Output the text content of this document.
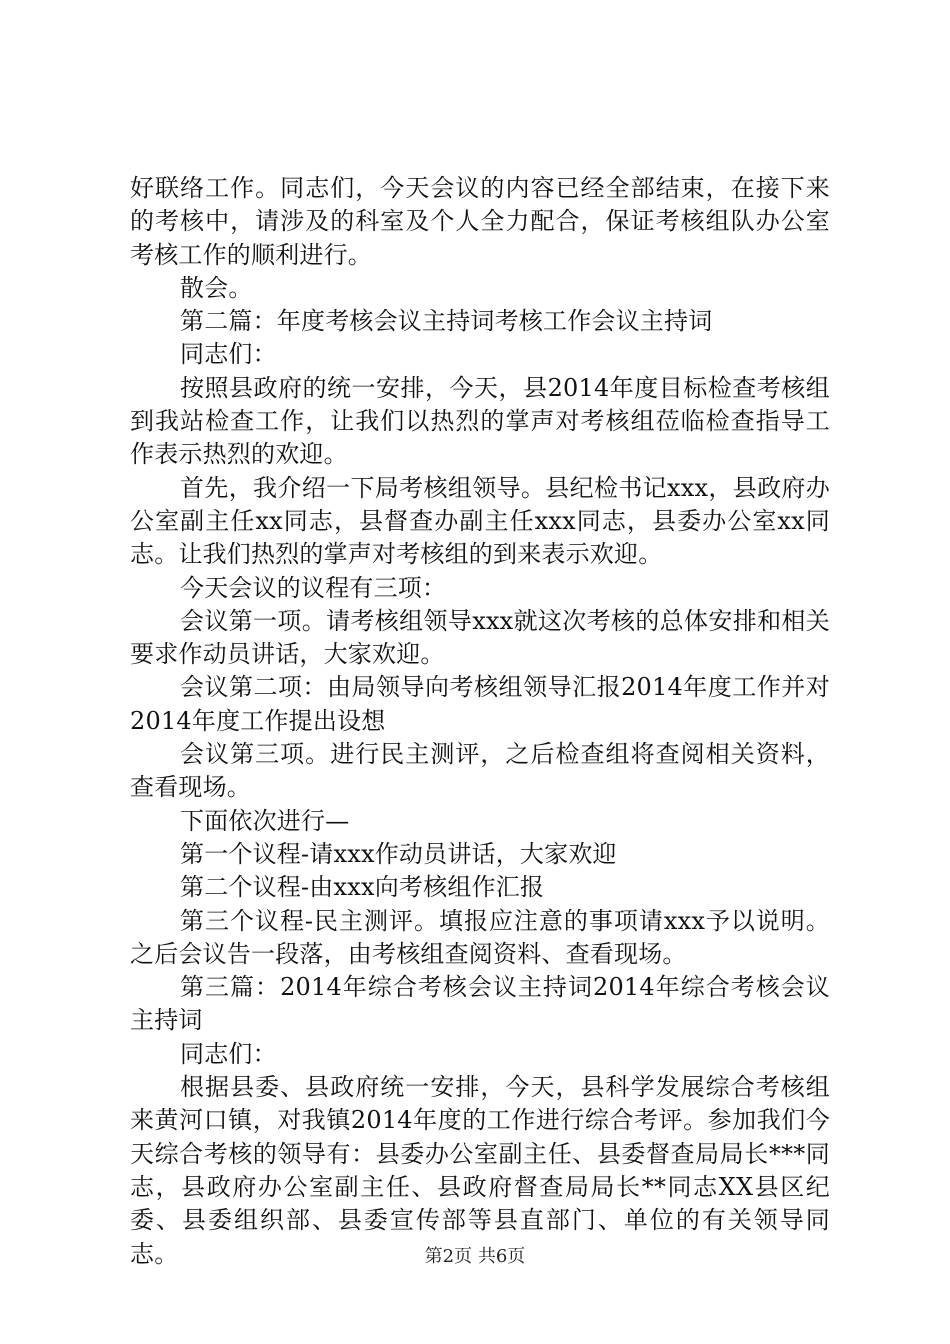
好联络工作。同志们，今天会议的内容已经全部结束，在接下来的考核中，请涉及的科室及个人全力配合，保证考核组队办公室考核工作的顺利进行。

散会。

第二篇：年度考核会议主持词考核工作会议主持词

同志们：

按照县政府的统一安排，今天，县2014年度目标检查考核组到我站检查工作，让我们以热烈的掌声对考核组莅临检查指导工作表示热烈的欢迎。

首先，我介绍一下局考核组领导。县纪检书记xxx，县政府办公室副主任xx同志，县督查办副主任xxx同志，县委办公室xx同志。让我们热烈的掌声对考核组的到来表示欢迎。

今天会议的议程有三项：

会议第一项。请考核组领导xxx就这次考核的总体安排和相关要求作动员讲话，大家欢迎。

会议第二项：由局领导向考核组领导汇报2014年度工作并对2014年度工作提出设想

会议第三项。进行民主测评，之后检查组将查阅相关资料，查看现场。

下面依次进行—

第一个议程-请xxx作动员讲话，大家欢迎

第二个议程-由xxx向考核组作汇报

第三个议程-民主测评。填报应注意的事项请xxx予以说明。之后会议告一段落，由考核组查阅资料、查看现场。

第三篇：2014年综合考核会议主持词2014年综合考核会议主持词

同志们：

根据县委、县政府统一安排，今天，县科学发展综合考核组来黄河口镇，对我镇2014年度的工作进行综合考评。参加我们今天综合考核的领导有：县委办公室副主任、县委督查局局长***同志，县政府办公室副主任、县政府督查局局长**同志XX县区纪委、县委组织部、县委宣传部等县直部门、单位的有关领导同志。	第2页 共6页
